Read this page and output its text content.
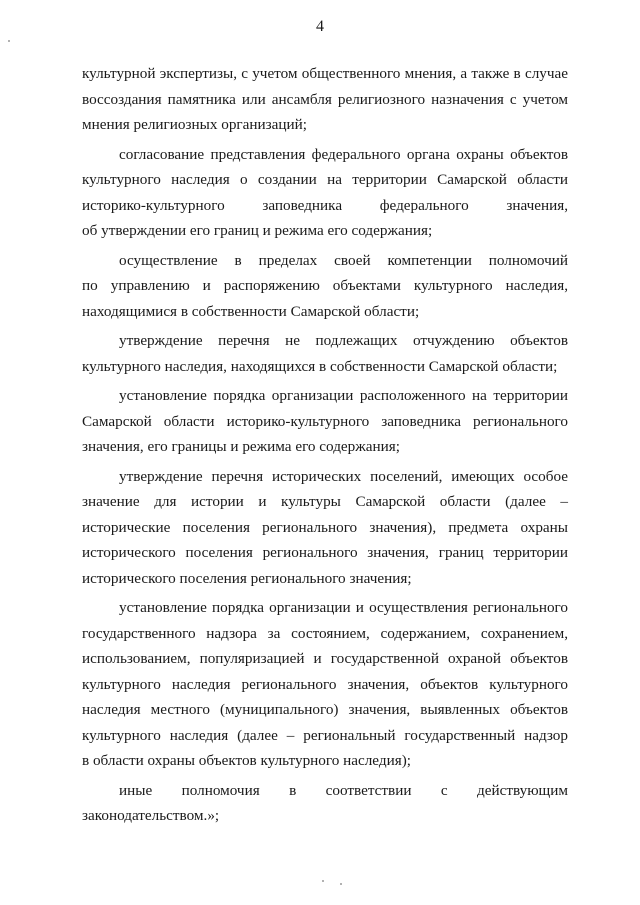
4
культурной экспертизы, с учетом общественного мнения, а также в случае
воссоздания памятника или ансамбля религиозного назначения с учетом
мнения религиозных организаций;
согласование представления федерального органа охраны объектов
культурного наследия о создании на территории Самарской области
историко-культурного заповедника федерального значения,
об утверждении его границ и режима его содержания;
осуществление в пределах своей компетенции полномочий
по управлению и распоряжению объектами культурного наследия,
находящимися в собственности Самарской области;
утверждение перечня не подлежащих отчуждению объектов
культурного наследия, находящихся в собственности Самарской области;
установление порядка организации расположенного на территории
Самарской области историко-культурного заповедника регионального
значения, его границы и режима его содержания;
утверждение перечня исторических поселений, имеющих особое
значение для истории и культуры Самарской области (далее –
исторические поселения регионального значения), предмета охраны
исторического поселения регионального значения, границ территории
исторического поселения регионального значения;
установление порядка организации и осуществления регионального
государственного надзора за состоянием, содержанием, сохранением,
использованием, популяризацией и государственной охраной объектов
культурного наследия регионального значения, объектов культурного
наследия местного (муниципального) значения, выявленных объектов
культурного наследия (далее – региональный государственный надзор
в области охраны объектов культурного наследия);
иные полномочия в соответствии с действующим
законодательством.»;
